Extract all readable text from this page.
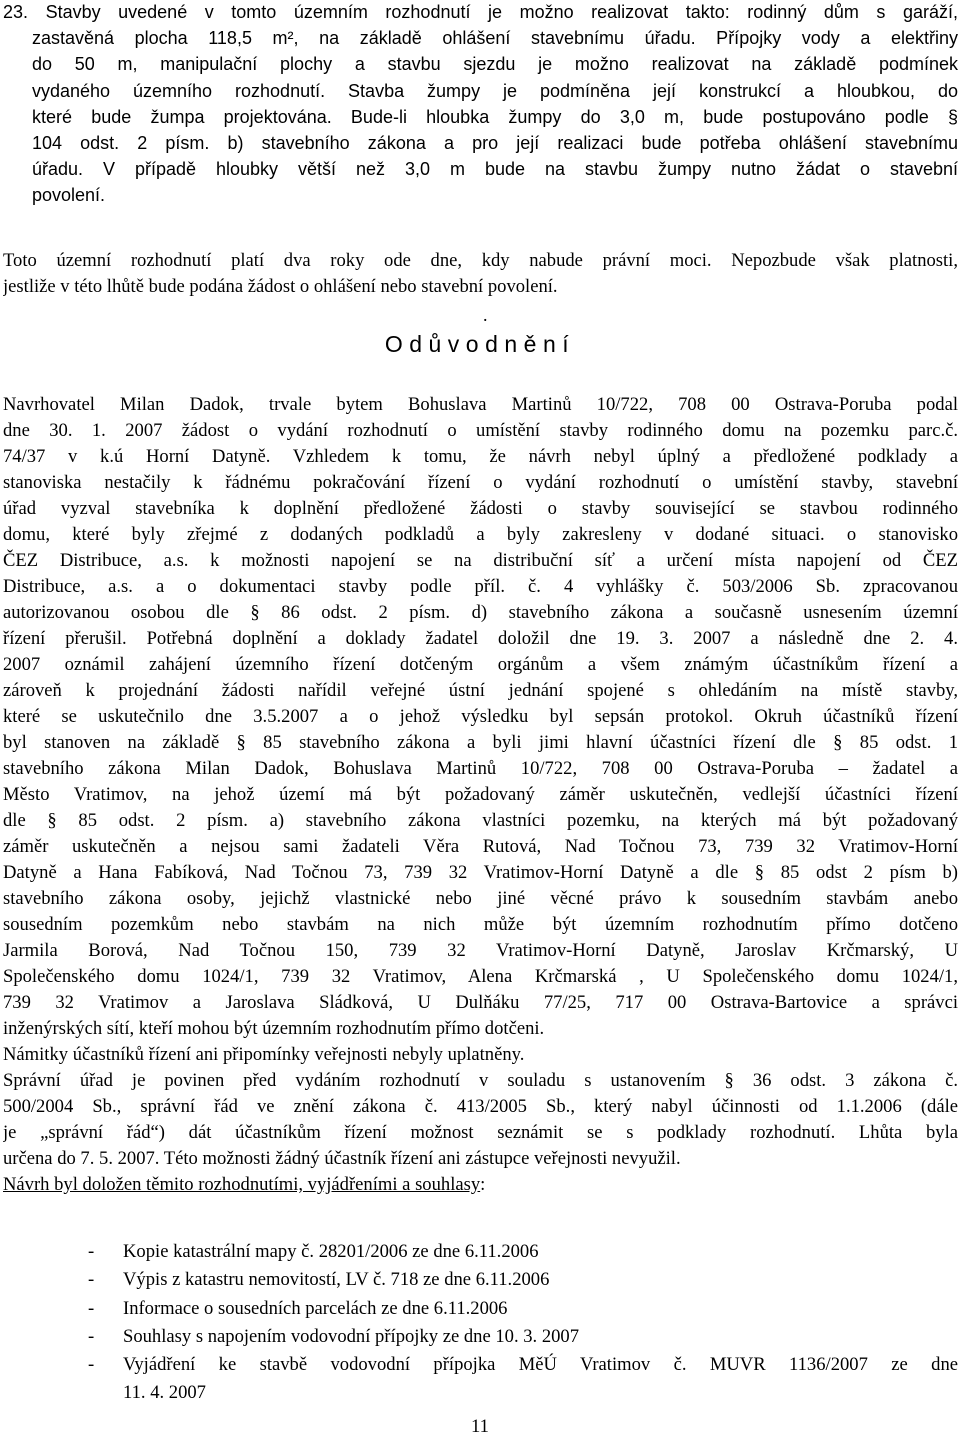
23. Stavby uvedené v tomto územním rozhodnutí je možno realizovat takto: rodinný dům s garáží,
zastavěná plocha 118,5 m², na základě ohlášení stavebnímu úřadu. Přípojky vody a elektřiny
do 50 m, manipulační plochy a stavbu sjezdu je možno realizovat na základě podmínek
vydaného územního rozhodnutí. Stavba žumpy je podmíněna její konstrukcí a hloubkou, do
které bude žumpa projektována. Bude-li hloubka žumpy do 3,0 m, bude postupováno podle §
104 odst. 2 písm. b) stavebního zákona a pro její realizaci bude potřeba ohlášení stavebnímu
úřadu. V případě hloubky větší než 3,0 m bude na stavbu žumpy nutno žádat o stavební
povolení.
Toto územní rozhodnutí platí dva roky ode dne, kdy nabude právní moci. Nepozbude však platnosti,
jestliže v této lhůtě bude podána žádost o ohlášení nebo stavební povolení.
.
Odůvodnění
Navrhovatel Milan Dadok, trvale bytem Bohuslava Martinů 10/722, 708 00 Ostrava-Poruba podal
dne 30. 1. 2007 žádost o vydání rozhodnutí o umístění stavby rodinného domu na pozemku parc.č.
74/37 v k.ú Horní Datyně. Vzhledem k tomu, že návrh nebyl úplný a předložené podklady a
stanoviska nestačily k řádnému pokračování řízení o vydání rozhodnutí o umístění stavby, stavební
úřad vyzval stavebníka k doplnění předložené žádosti o stavby související se stavbou rodinného
domu, které byly zřejmé z dodaných podkladů a byly zakresleny v dodané situaci. o stanovisko
ČEZ Distribuce, a.s. k možnosti napojení se na distribuční síť a určení místa napojení od ČEZ
Distribuce, a.s. a o dokumentaci stavby podle příl. č. 4 vyhlášky č. 503/2006 Sb. zpracovanou
autorizovanou osobou dle § 86 odst. 2 písm. d) stavebního zákona a současně usnesením územní
řízení přerušil. Potřebná doplnění a doklady žadatel doložil dne 19. 3. 2007 a následně dne 2. 4.
2007 oznámil zahájení územního řízení dotčeným orgánům a všem známým účastníkům řízení a
zároveň k projednání žádosti nařídil veřejné ústní jednání spojené s ohledáním na místě stavby,
které se uskutečnilo dne 3.5.2007 a o jehož výsledku byl sepsán protokol. Okruh účastníků řízení
byl stanoven na základě § 85 stavebního zákona a byli jimi hlavní účastníci řízení dle § 85 odst. 1
stavebního zákona Milan Dadok, Bohuslava Martinů 10/722, 708 00 Ostrava-Poruba – žadatel a
Město Vratimov, na jehož území má být požadovaný záměr uskutečněn, vedlejší účastníci řízení
dle § 85 odst. 2 písm. a) stavebního zákona vlastníci pozemku, na kterých má být požadovaný
záměr uskutečněn a nejsou sami žadateli Věra Rutová, Nad Točnou 73, 739 32 Vratimov-Horní
Datyně a Hana Fabíková, Nad Točnou 73, 739 32 Vratimov-Horní Datyně a dle § 85 odst 2 písm b)
stavebního zákona osoby, jejichž vlastnické nebo jiné věcné právo k sousedním stavbám anebo
sousedním pozemkům nebo stavbám na nich může být územním rozhodnutím přímo dotčeno
Jarmila Borová, Nad Točnou 150, 739 32 Vratimov-Horní Datyně, Jaroslav Krčmarský, U
Společenského domu 1024/1, 739 32 Vratimov, Alena Krčmarská , U Společenského domu 1024/1,
739 32 Vratimov a Jaroslava Sládková, U Dulňáku 77/25, 717 00 Ostrava-Bartovice a správci
inženýrských sítí, kteří mohou být územním rozhodnutím přímo dotčeni.
Námitky účastníků řízení ani připomínky veřejnosti nebyly uplatněny.
Správní úřad je povinen před vydáním rozhodnutí v souladu s ustanovením § 36 odst. 3 zákona č.
500/2004 Sb., správní řád ve znění zákona č. 413/2005 Sb., který nabyl účinnosti od 1.1.2006 (dále
je „správní řád“) dát účastníkům řízení možnost seznámit se s podklady rozhodnutí. Lhůta byla
určena do 7. 5. 2007. Této možnosti žádný účastník řízení ani zástupce veřejnosti nevyužil.
Návrh byl doložen těmito rozhodnutími, vyjádřeními a souhlasy:
-	Kopie katastrální mapy č. 28201/2006 ze dne 6.11.2006
-	Výpis z katastru nemovitostí, LV č. 718 ze dne 6.11.2006
-	Informace o sousedních parcelách ze dne 6.11.2006
-	Souhlasy s napojením vodovodní přípojky ze dne 10. 3. 2007
-	Vyjádření ke stavbě vodovodní přípojka MěÚ Vratimov č. MUVR 1136/2007 ze dne
11. 4. 2007
11
